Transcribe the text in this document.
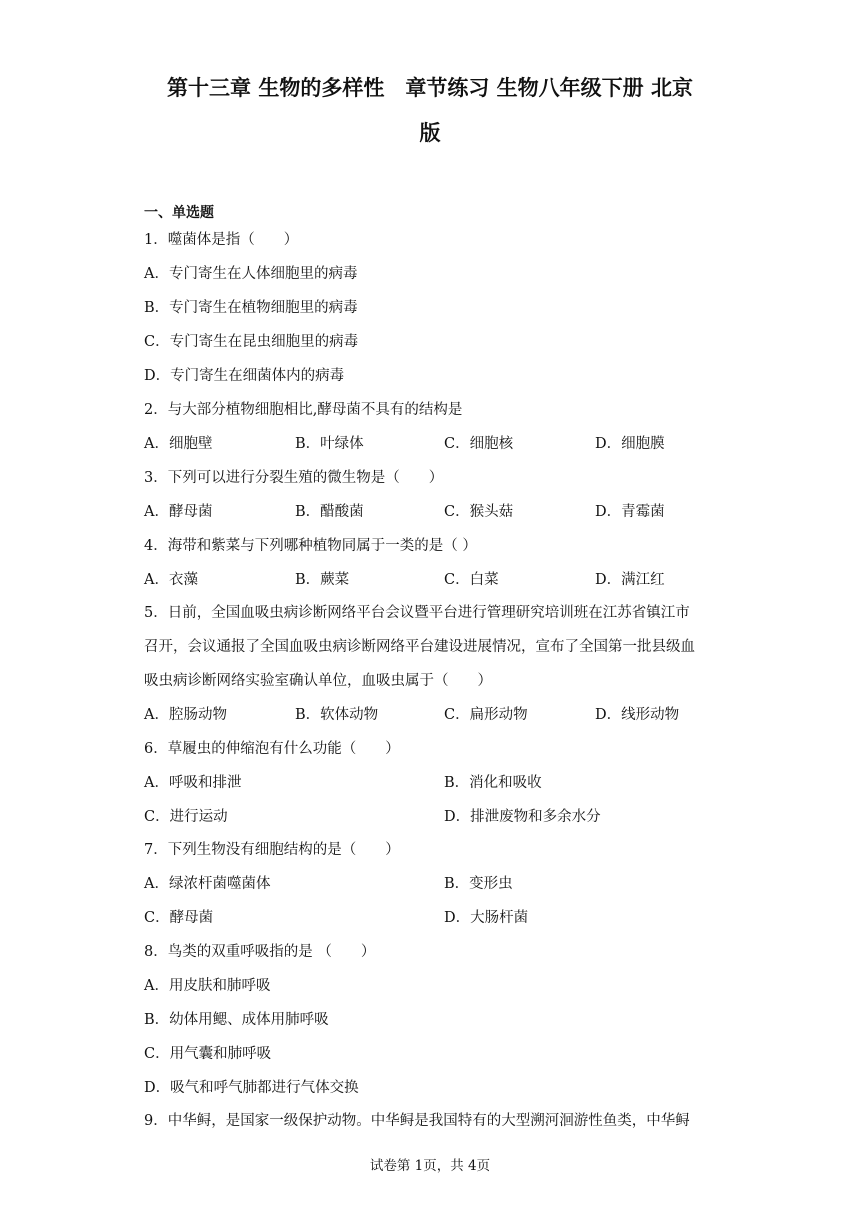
第十三章 生物的多样性　章节练习 生物八年级下册 北京
版
一、单选题
1．噬菌体是指（　　）
A．专门寄生在人体细胞里的病毒
B．专门寄生在植物细胞里的病毒
C．专门寄生在昆虫细胞里的病毒
D．专门寄生在细菌体内的病毒
2．与大部分植物细胞相比,酵母菌不具有的结构是
A．细胞壁	B．叶绿体	C．细胞核	D．细胞膜
3．下列可以进行分裂生殖的微生物是（　　）
A．酵母菌	B．醋酸菌	C．猴头菇	D．青霉菌
4．海带和紫菜与下列哪种植物同属于一类的是（ ）
A．衣藻	B．蕨菜	C．白菜	D．满江红
5．日前，全国血吸虫病诊断网络平台会议暨平台进行管理研究培训班在江苏省镇江市
召开，会议通报了全国血吸虫病诊断网络平台建设进展情况，宣布了全国第一批县级血
吸虫病诊断网络实验室确认单位，血吸虫属于（　　）
A．腔肠动物	B．软体动物	C．扁形动物	D．线形动物
6．草履虫的伸缩泡有什么功能（　　）
A．呼吸和排泄	B．消化和吸收
C．进行运动	D．排泄废物和多余水分
7．下列生物没有细胞结构的是（　　）
A．绿浓杆菌噬菌体	B．变形虫
C．酵母菌	D．大肠杆菌
8．鸟类的双重呼吸指的是 （　　）
A．用皮肤和肺呼吸
B．幼体用鳃、成体用肺呼吸
C．用气囊和肺呼吸
D．吸气和呼气肺都进行气体交换
9．中华鲟，是国家一级保护动物。中华鲟是我国特有的大型溯河洄游性鱼类，中华鲟
试卷第 1页，共 4页
